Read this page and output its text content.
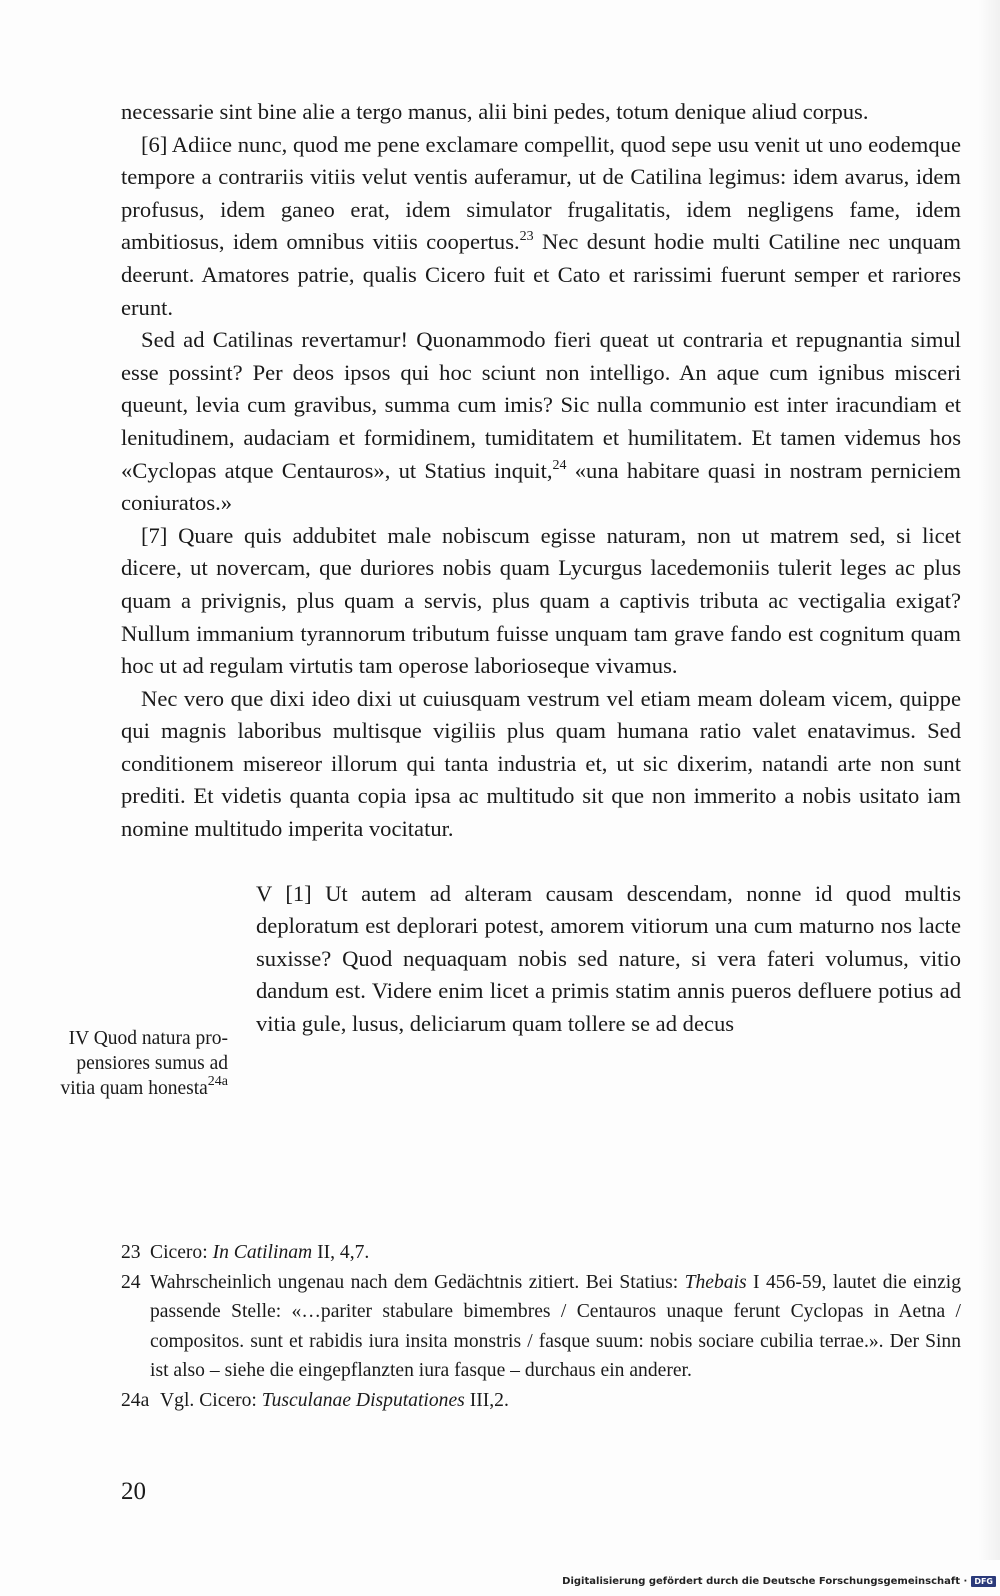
necessarie sint bine alie a tergo manus, alii bini pedes, totum denique aliud corpus.

[6] Adiice nunc, quod me pene exclamare compellit, quod sepe usu venit ut uno eodemque tempore a contrariis vitiis velut ventis auferamur, ut de Catilina legimus: idem avarus, idem profusus, idem ganeo erat, idem simulator frugalitatis, idem negligens fame, idem ambitiosus, idem omnibus vitiis coopertus.$^{23}$ Nec desunt hodie multi Catiline nec unquam deerunt. Amatores patrie, qualis Cicero fuit et Cato et rarissimi fuerunt semper et rariores erunt.

Sed ad Catilinas revertamur! Quonammodo fieri queat ut contraria et repugnantia simul esse possint? Per deos ipsos qui hoc sciunt non intelligo. An aque cum ignibus misceri queunt, levia cum gravibus, summa cum imis? Sic nulla communio est inter iracundiam et lenitudinem, audaciam et formidinem, tumiditatem et humilitatem. Et tamen videmus hos «Cyclopas atque Centauros», ut Statius inquit,$^{24}$ «una habitare quasi in nostram perniciem coniuratos.»

[7] Quare quis addubitet male nobiscum egisse naturam, non ut matrem sed, si licet dicere, ut novercam, que duriores nobis quam Lycurgus lacedemoniis tulerit leges ac plus quam a privignis, plus quam a servis, plus quam a captivis tributa ac vectigalia exigat? Nullum immanium tyrannorum tributum fuisse unquam tam grave fando est cognitum quam hoc ut ad regulam virtutis tam operose laborioseque vivamus.

Nec vero que dixi ideo dixi ut cuiusquam vestrum vel etiam meam doleam vicem, quippe qui magnis laboribus multisque vigiliis plus quam humana ratio valet enatavimus. Sed conditionem misereor illorum qui tanta industria et, ut sic dixerim, natandi arte non sunt prediti. Et videtis quanta copia ipsa ac multitudo sit que non immerito a nobis usitato iam nomine multitudo imperita vocitatur.

V [1] Ut autem ad alteram causam descendam, nonne id quod multis deploratum est deplorari potest, amorem vitiorum una cum maturno nos lacte suxisse? Quod nequaquam nobis sed nature, si vera fateri volumus, vitio dandum est. Videre enim licet a primis statim annis pueros defluere potius ad vitia gule, lusus, deliciarum quam tollere se ad decus

IV Quod natura pro-
pensiores sumus ad
vitia quam honesta$^{24a}$
23 Cicero: In Catilinam II, 4,7.
24 Wahrscheinlich ungenau nach dem Gedächtnis zitiert. Bei Statius: Thebais I 456-59, lautet die einzig passende Stelle: «…pariter stabulare bimembres / Centauros unaque ferunt Cyclopas in Aetna / compositos. sunt et rabidis iura insita monstris / fasque suum: nobis sociare cubilia terrae.». Der Sinn ist also – siehe die eingepflanzten iura fasque – durchaus ein anderer.
24a Vgl. Cicero: Tusculanae Disputationes III,2.
20
Digitalisierung gefördert durch die Deutsche Forschungsgemeinschaft · DFG
